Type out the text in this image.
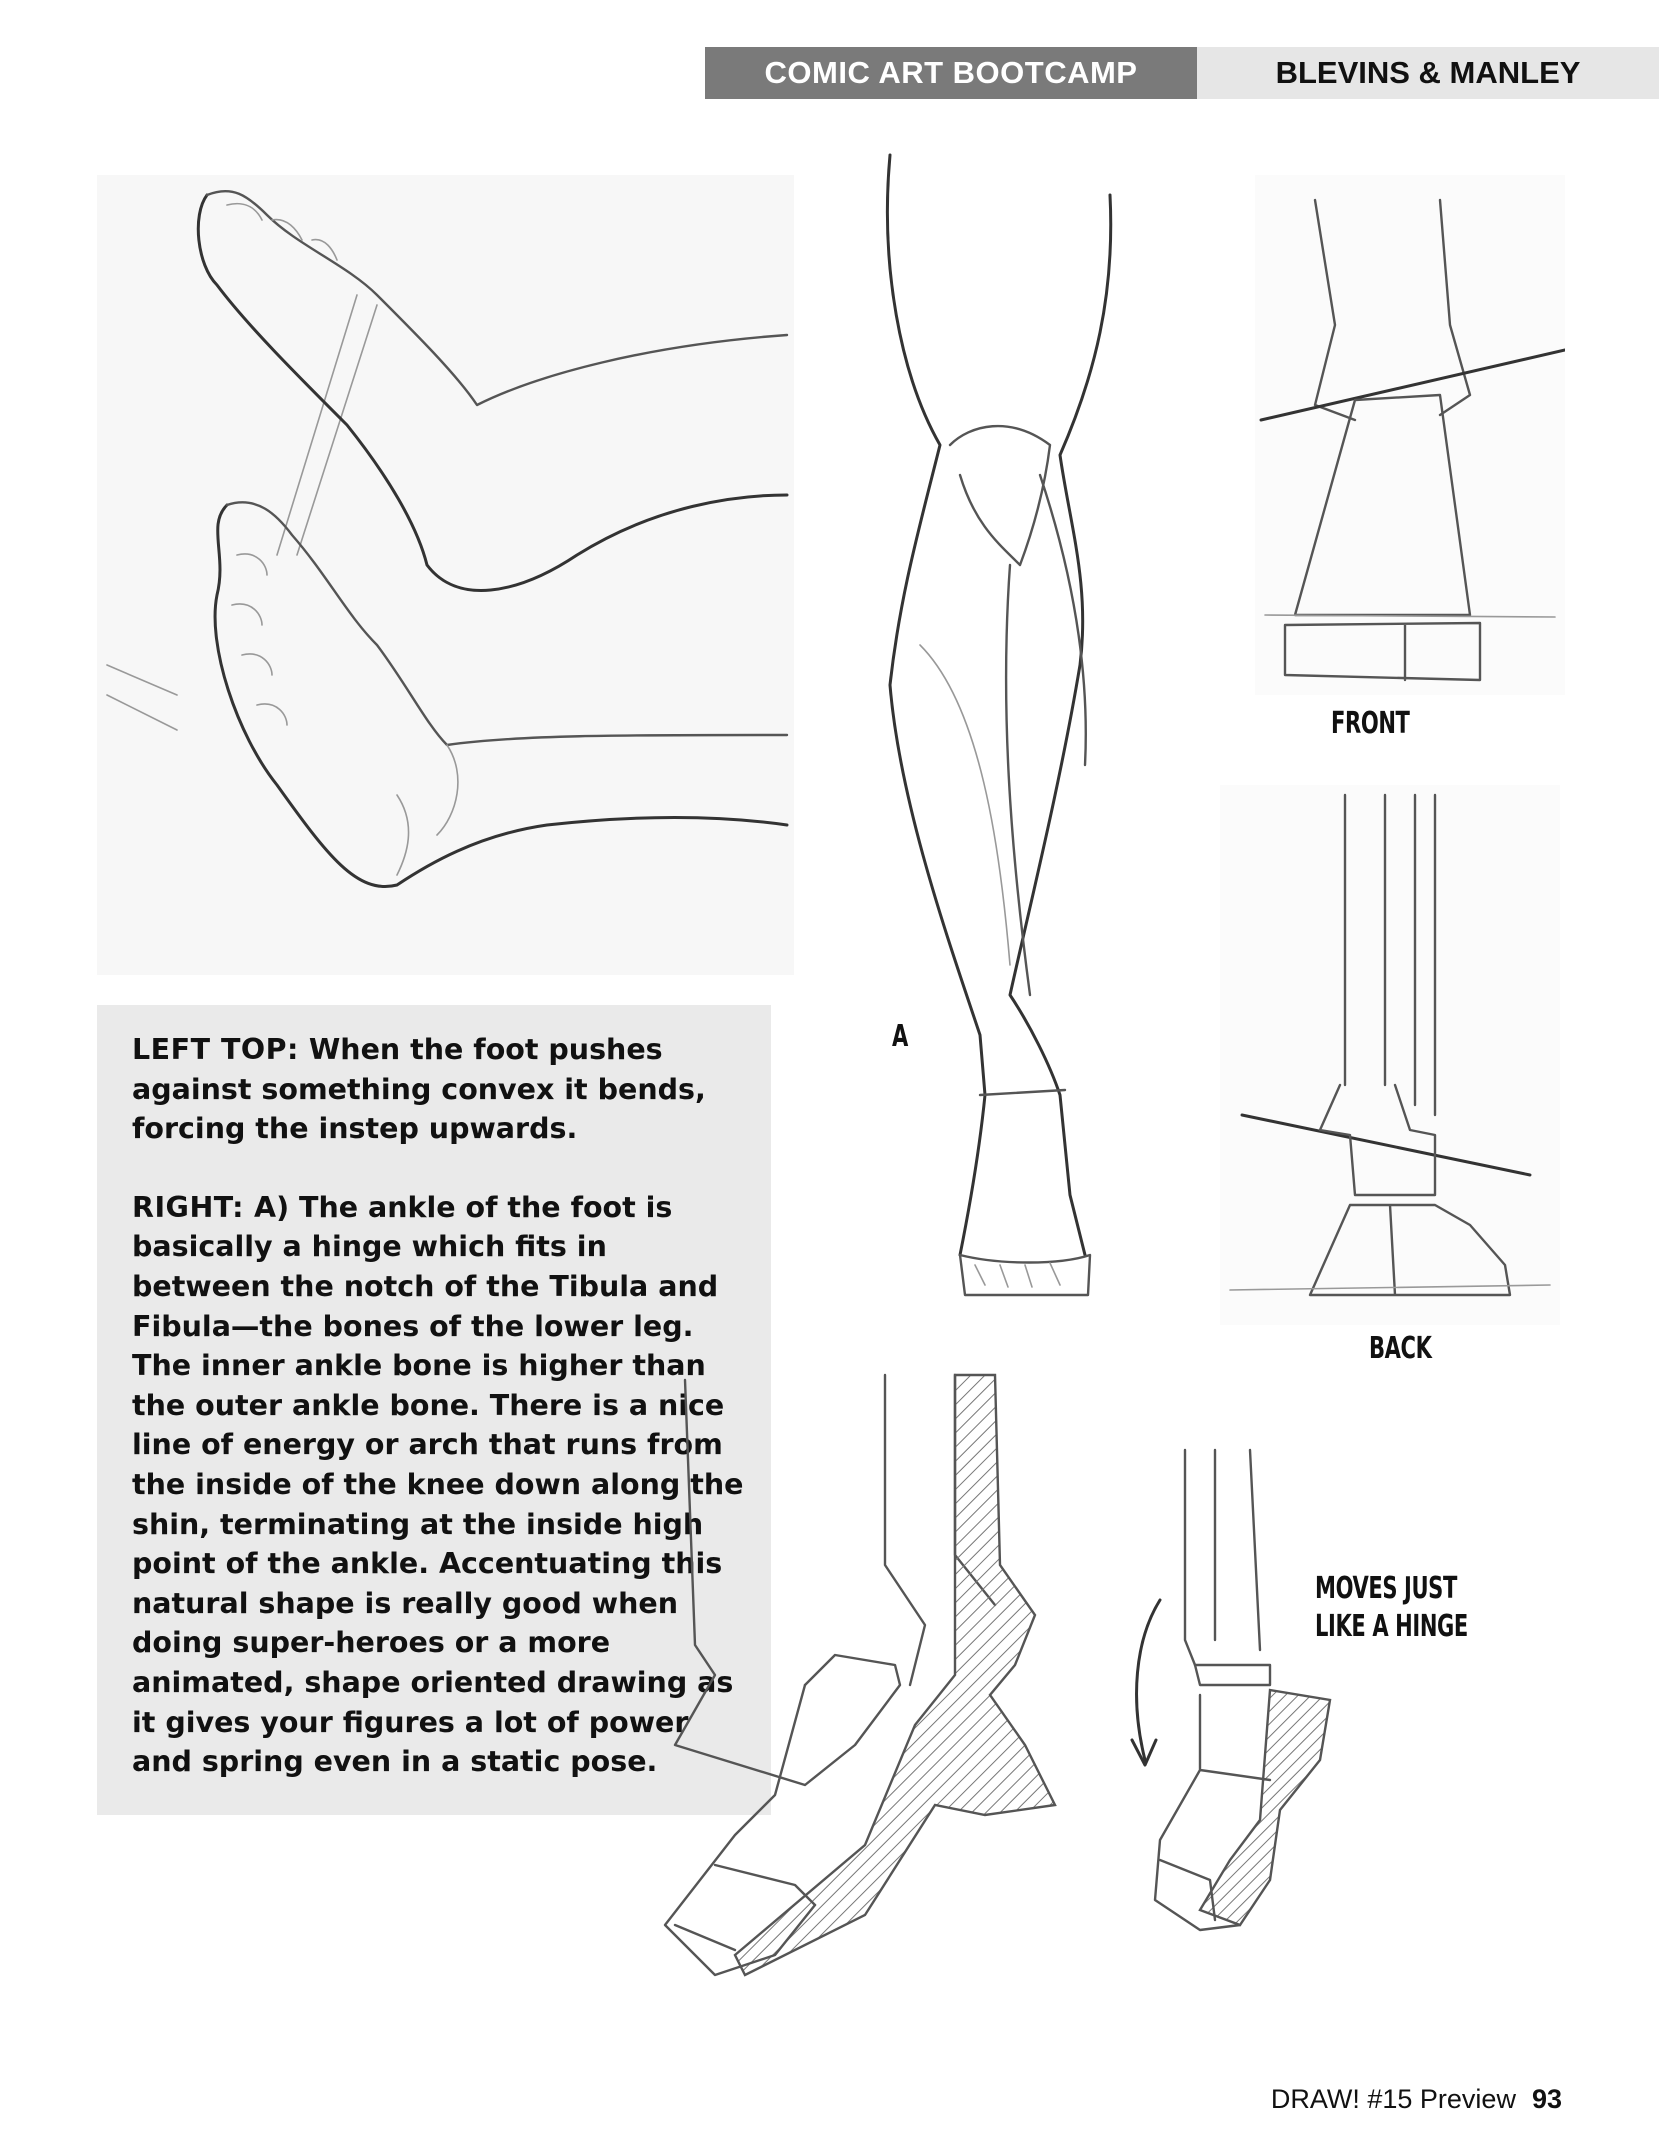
COMIC ART BOOTCAMP	BLEVINS & MANLEY

LEFT TOP: When the foot pushes against something convex it bends, forcing the instep upwards.

RIGHT: A) The ankle of the foot is basically a hinge which fits in between the notch of the Tibula and Fibula—the bones of the lower leg. The inner ankle bone is higher than the outer ankle bone. There is a nice line of energy or arch that runs from the inside of the knee down along the shin, terminating at the inside high point of the ankle. Accentuating this natural shape is really good when doing super-heroes or a more animated, shape oriented drawing as it gives your figures a lot of power and spring even in a static pose.

A
FRONT
BACK
MOVES JUST
LIKE A HINGE
DRAW! #15 Preview 93
